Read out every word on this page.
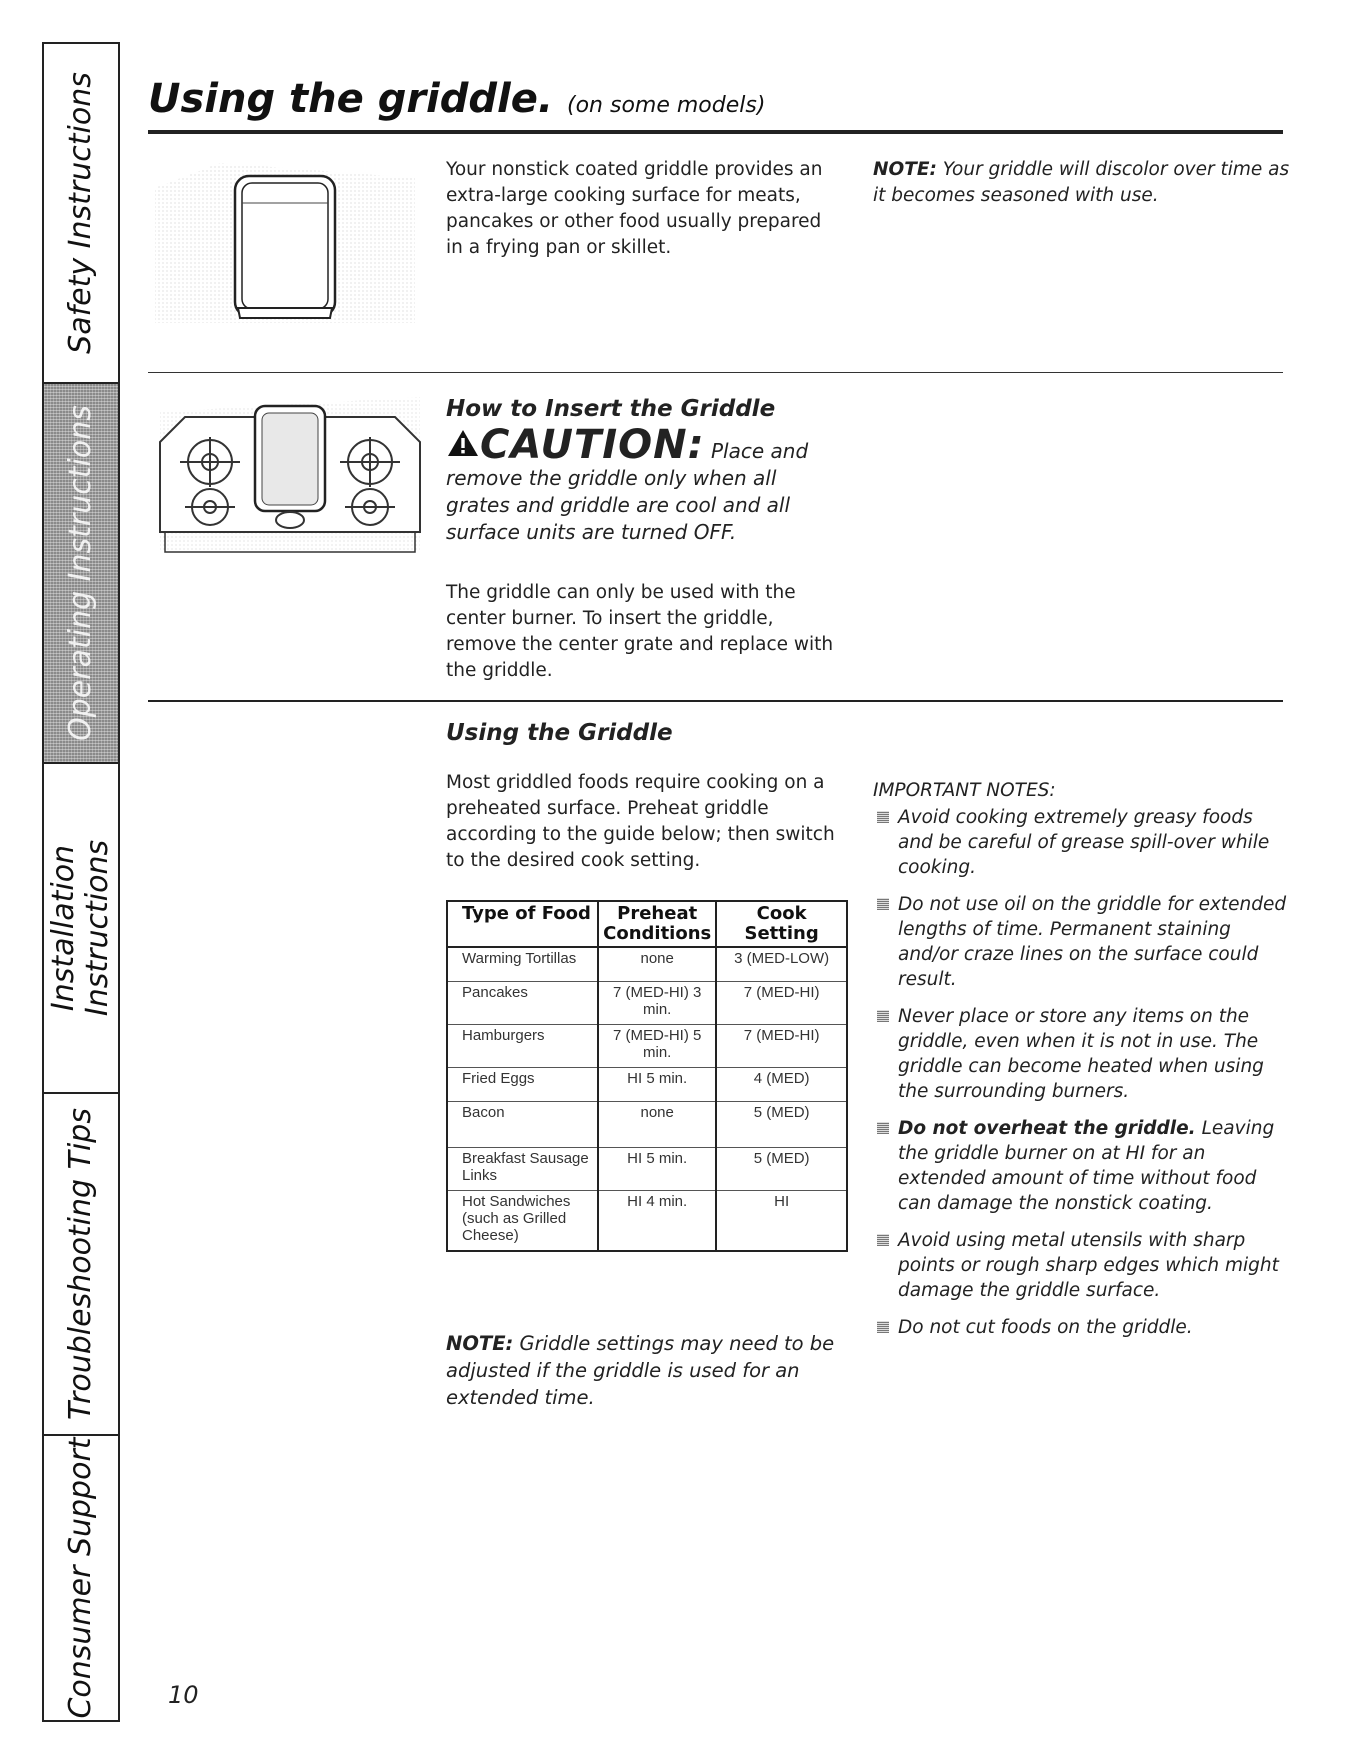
Safety Instructions
Operating Instructions
Installation Instructions
Troubleshooting Tips
Consumer Support
Using the griddle. (on some models)
Your nonstick coated griddle provides an extra-large cooking surface for meats, pancakes or other food usually prepared in a frying pan or skillet.
NOTE: Your griddle will discolor over time as it becomes seasoned with use.
How to Insert the Griddle
CAUTION: Place and remove the griddle only when all grates and griddle are cool and all surface units are turned OFF.
The griddle can only be used with the center burner. To insert the griddle, remove the center grate and replace with the griddle.
Using the Griddle
Most griddled foods require cooking on a preheated surface. Preheat griddle according to the guide below; then switch to the desired cook setting.
Type of Food	Preheat Conditions	Cook Setting
Warming Tortillas	none	3 (MED-LOW)
Pancakes	7 (MED-HI) 3 min.	7 (MED-HI)
Hamburgers	7 (MED-HI) 5 min.	7 (MED-HI)
Fried Eggs	HI 5 min.	4 (MED)
Bacon	none	5 (MED)
Breakfast Sausage Links	HI 5 min.	5 (MED)
Hot Sandwiches (such as Grilled Cheese)	HI 4 min.	HI
NOTE: Griddle settings may need to be adjusted if the griddle is used for an extended time.
IMPORTANT NOTES:
Avoid cooking extremely greasy foods and be careful of grease spill-over while cooking.
Do not use oil on the griddle for extended lengths of time. Permanent staining and/or craze lines on the surface could result.
Never place or store any items on the griddle, even when it is not in use. The griddle can become heated when using the surrounding burners.
Do not overheat the griddle. Leaving the griddle burner on at HI for an extended amount of time without food can damage the nonstick coating.
Avoid using metal utensils with sharp points or rough sharp edges which might damage the griddle surface.
Do not cut foods on the griddle.
10
